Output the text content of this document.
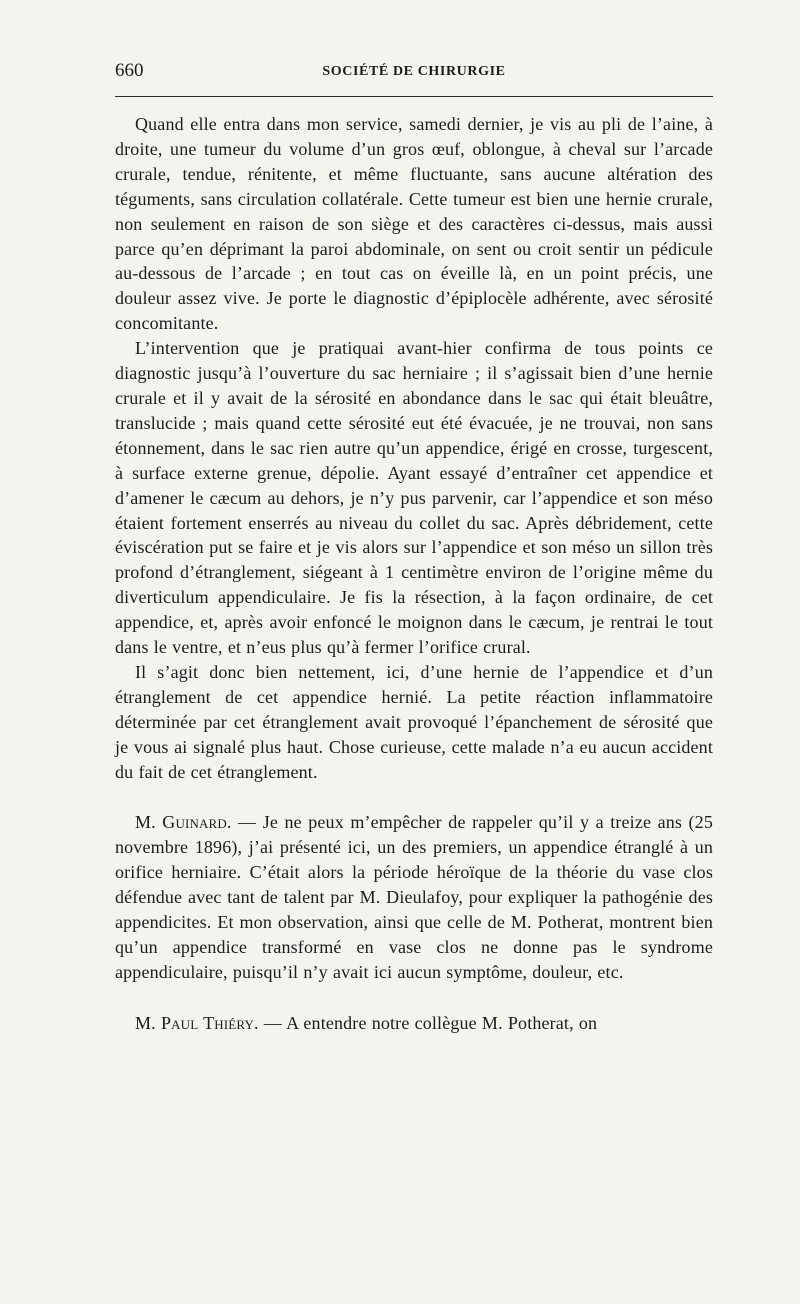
660	SOCIÉTÉ DE CHIRURGIE

Quand elle entra dans mon service, samedi dernier, je vis au pli de l’aine, à droite, une tumeur du volume d’un gros œuf, oblongue, à cheval sur l’arcade crurale, tendue, rénitente, et même fluctuante, sans aucune altération des téguments, sans circulation collatérale. Cette tumeur est bien une hernie crurale, non seulement en raison de son siège et des caractères ci-dessus, mais aussi parce qu’en déprimant la paroi abdominale, on sent ou croit sentir un pédicule au-dessous de l’arcade ; en tout cas on éveille là, en un point précis, une douleur assez vive. Je porte le diagnostic d’épiplocèle adhérente, avec sérosité concomitante.

L’intervention que je pratiquai avant-hier confirma de tous points ce diagnostic jusqu’à l’ouverture du sac herniaire ; il s’agissait bien d’une hernie crurale et il y avait de la sérosité en abondance dans le sac qui était bleuâtre, translucide ; mais quand cette sérosité eut été évacuée, je ne trouvai, non sans étonnement, dans le sac rien autre qu’un appendice, érigé en crosse, turgescent, à surface externe grenue, dépolie. Ayant essayé d’entraîner cet appendice et d’amener le cæcum au dehors, je n’y pus parvenir, car l’appendice et son méso étaient fortement enserrés au niveau du collet du sac. Après débridement, cette éviscération put se faire et je vis alors sur l’appendice et son méso un sillon très profond d’étranglement, siégeant à 1 centimètre environ de l’origine même du diverticulum appendiculaire. Je fis la résection, à la façon ordinaire, de cet appendice, et, après avoir enfoncé le moignon dans le cæcum, je rentrai le tout dans le ventre, et n’eus plus qu’à fermer l’orifice crural.

Il s’agit donc bien nettement, ici, d’une hernie de l’appendice et d’un étranglement de cet appendice hernié. La petite réaction inflammatoire déterminée par cet étranglement avait provoqué l’épanchement de sérosité que je vous ai signalé plus haut. Chose curieuse, cette malade n’a eu aucun accident du fait de cet étranglement.

M. Guinard. — Je ne peux m’empêcher de rappeler qu’il y a treize ans (25 novembre 1896), j’ai présenté ici, un des premiers, un appendice étranglé à un orifice herniaire. C’était alors la période héroïque de la théorie du vase clos défendue avec tant de talent par M. Dieulafoy, pour expliquer la pathogénie des appendicites. Et mon observation, ainsi que celle de M. Potherat, montrent bien qu’un appendice transformé en vase clos ne donne pas le syndrome appendiculaire, puisqu’il n’y avait ici aucun symptôme, douleur, etc.

M. Paul Thiéry. — A entendre notre collègue M. Potherat, on
